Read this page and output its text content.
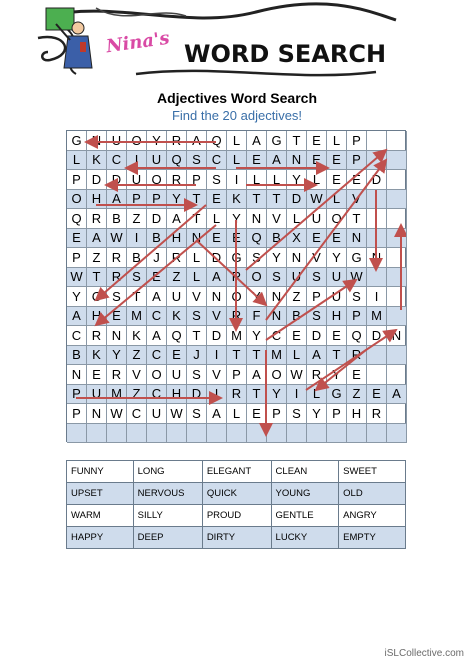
Nina's WORD SEARCH
Adjectives Word Search
Find the 20 adjectives!
G N U O Y R A Q L A G T E L P
L K C	I	U Q S C L E A N E E P
P D D U O R P S	I	L L Y L E E D
O H A P P Y T E K T T D W L V
Q R B Z D A T L Y N V L U O T
E A W I	B H N E E Q B X E E N
P Z R B J R L D G S Y N V Y G N
W T R S E Z L A R O S U S U W
Y C S T A U V N O Y N Z P U S	I
A H E M C K S V R F N B S H P M
C R N K A Q T D M Y C E D E Q D N
B K Y Z C E J	I	T T M L A T R
N E R V O U S V P A O W R Y E
P U M Z C H D	I	R T Y	I	L G Z E A
P N W C U W S A L E P S Y P H R
FUNNY	LONG	ELEGANT	CLEAN	SWEET
UPSET	NERVOUS	QUICK	YOUNG	OLD
WARM	SILLY	PROUD	GENTLE	ANGRY
HAPPY	DEEP	DIRTY	LUCKY	EMPTY
iSLCollective.com
